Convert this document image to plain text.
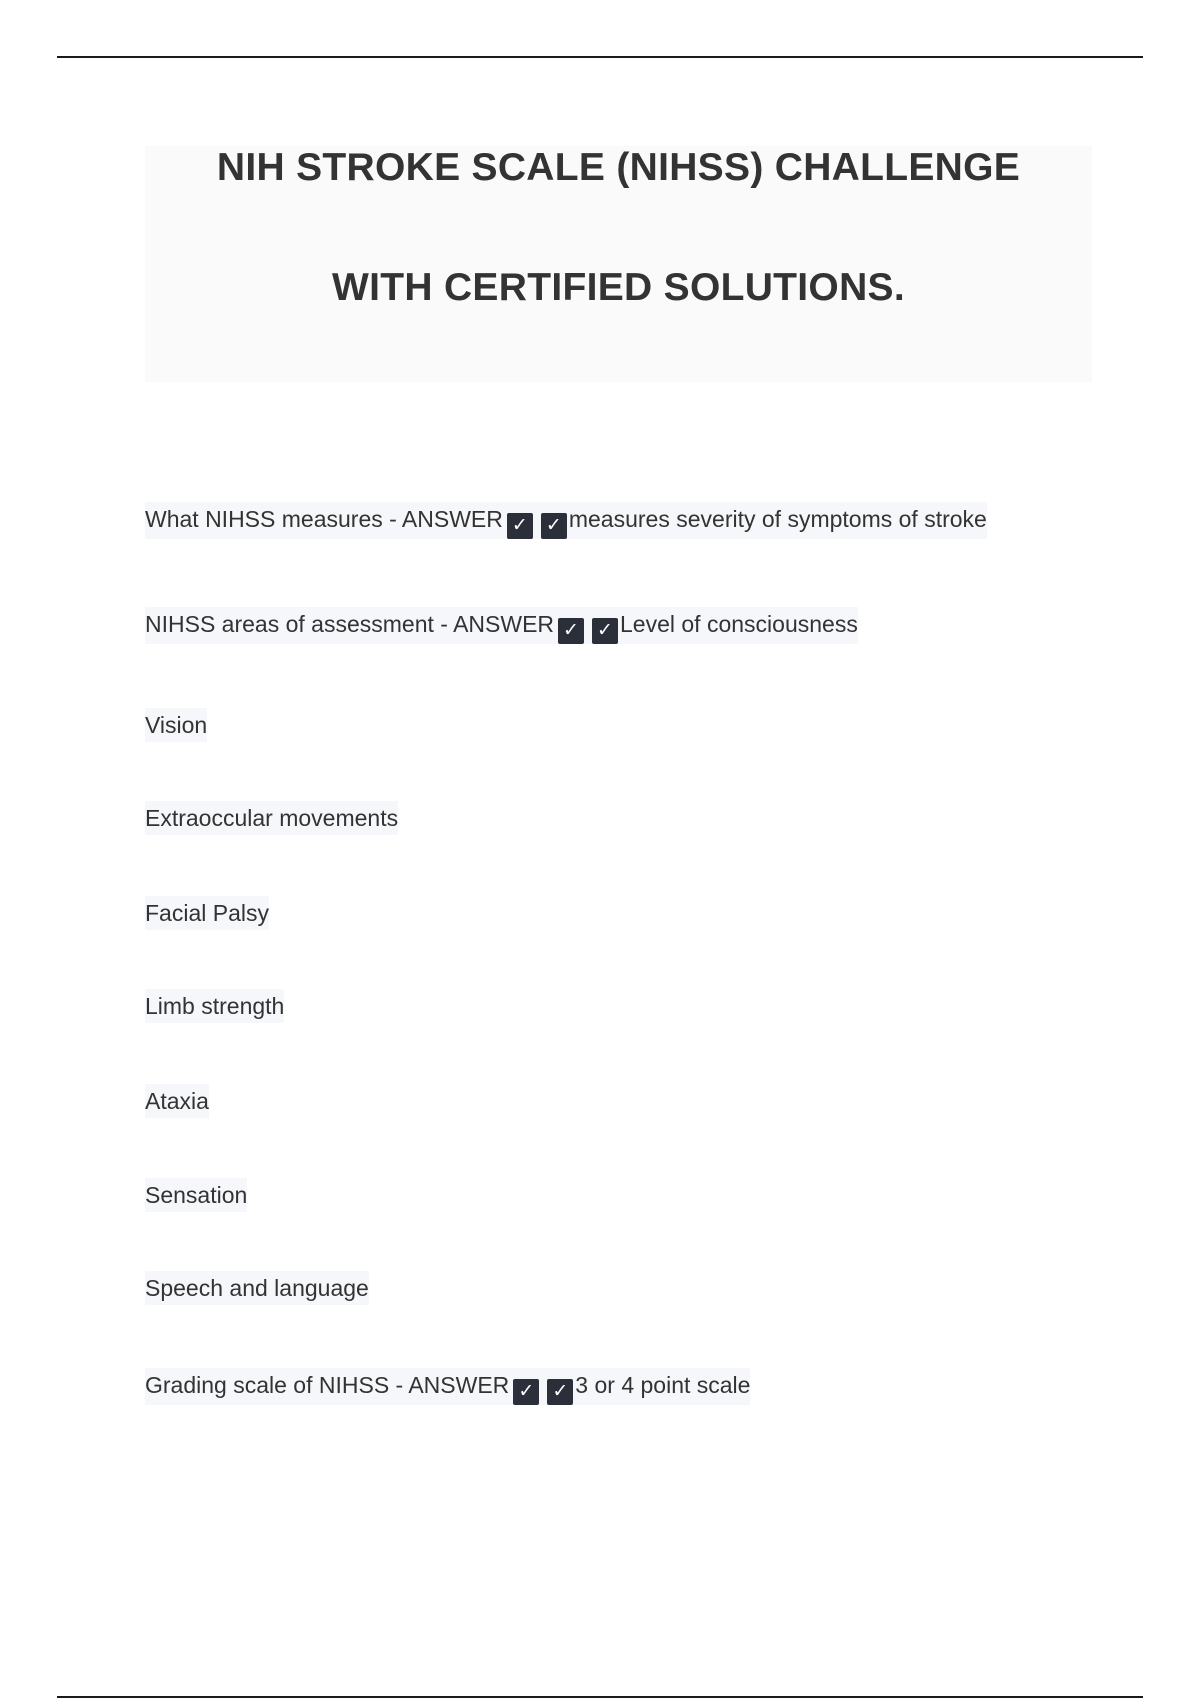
NIH STROKE SCALE (NIHSS) CHALLENGE
WITH CERTIFIED SOLUTIONS.
What NIHSS measures - ANSWER ✓ ✓ measures severity of symptoms of stroke
NIHSS areas of assessment - ANSWER ✓ ✓ Level of consciousness
Vision
Extraoccular movements
Facial Palsy
Limb strength
Ataxia
Sensation
Speech and language
Grading scale of NIHSS - ANSWER ✓ ✓ 3 or 4 point scale
